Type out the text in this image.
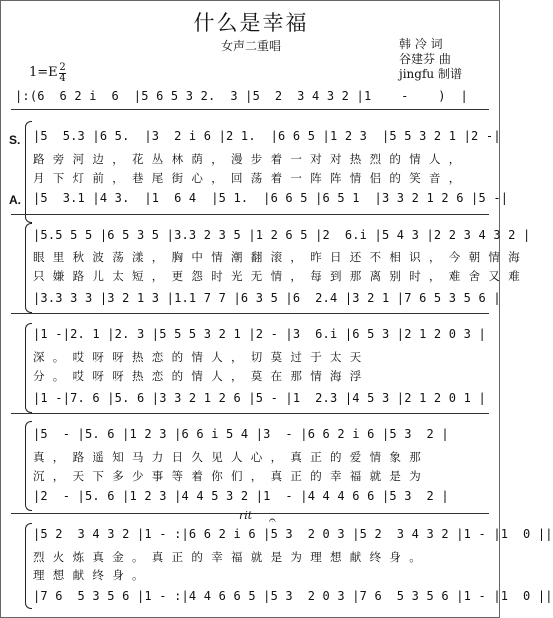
什么是幸福
女声二重唱	韩 冷 词
谷建芬 曲
jingfu 制谱
1=E 2
4
|:(6  6 2 i  6  |5 6 5 3 2.  3 |5  2  3 4 3 2 |1    -    )  |
S.
A.
|5  5.3 |6 5.  |3  2 i 6 |2 1.  |6 6 5 |1 2 3  |5 5 3 2 1 |2 -|
路旁河边，花丛林荫，漫步着一对对热烈的情人，
月下灯前，巷尾街心，回荡着一阵阵情侣的笑音，
|5  3.1 |4 3.  |1  6 4  |5 1.  |6 6 5 |6 5 1  |3 3 2 1 2 6 |5 -|
|5.5 5 5 |6 5 3 5 |3.3 2 3 5 |1 2 6 5 |2  6.i |5 4 3 |2 2 3 4 3 2 |
眼里秋波荡漾，胸中情潮翻滚，昨日还不相识，今朝情海
只嫌路儿太短，更怨时光无情，每到那离别时，难舍又难
|3.3 3 3 |3 2 1 3 |1.1 7 7 |6 3 5 |6  2.4 |3 2 1 |7 6 5 3 5 6 |
|1 -|2. 1 |2. 3 |5 5 5 3 2 1 |2 - |3  6.i |6 5 3 |2 1 2 0 3 |
深。哎呀呀热恋的情人，切莫过于太天
分。哎呀呀热恋的情人，莫在那情海浮
|1 -|7. 6 |5. 6 |3 3 2 1 2 6 |5 - |1  2.3 |4 5 3 |2 1 2 0 1 |
|5  - |5. 6 |1 2 3 |6 6 i 5 4 |3  - |6 6 2 i 6 |5 3  2 |
真，路遥知马力日久见人心，真正的爱情象那
沉，天下多少事等着你们，真正的幸福就是为
|2  - |5. 6 |1 2 3 |4 4 5 3 2 |1  - |4 4 4 6 6 |5 3  2 |
rit 𝄐
|5 2  3 4 3 2 |1 - :|6 6 2 i 6 |5 3  2 0 3 |5 2  3 4 3 2 |1 - |1  0 ||
烈火炼真金。真正的幸福就是为理想献终身。
理想献终身。
|7 6  5 3 5 6 |1 - :|4 4 6 6 5 |5 3  2 0 3 |7 6  5 3 5 6 |1 - |1  0 ||
